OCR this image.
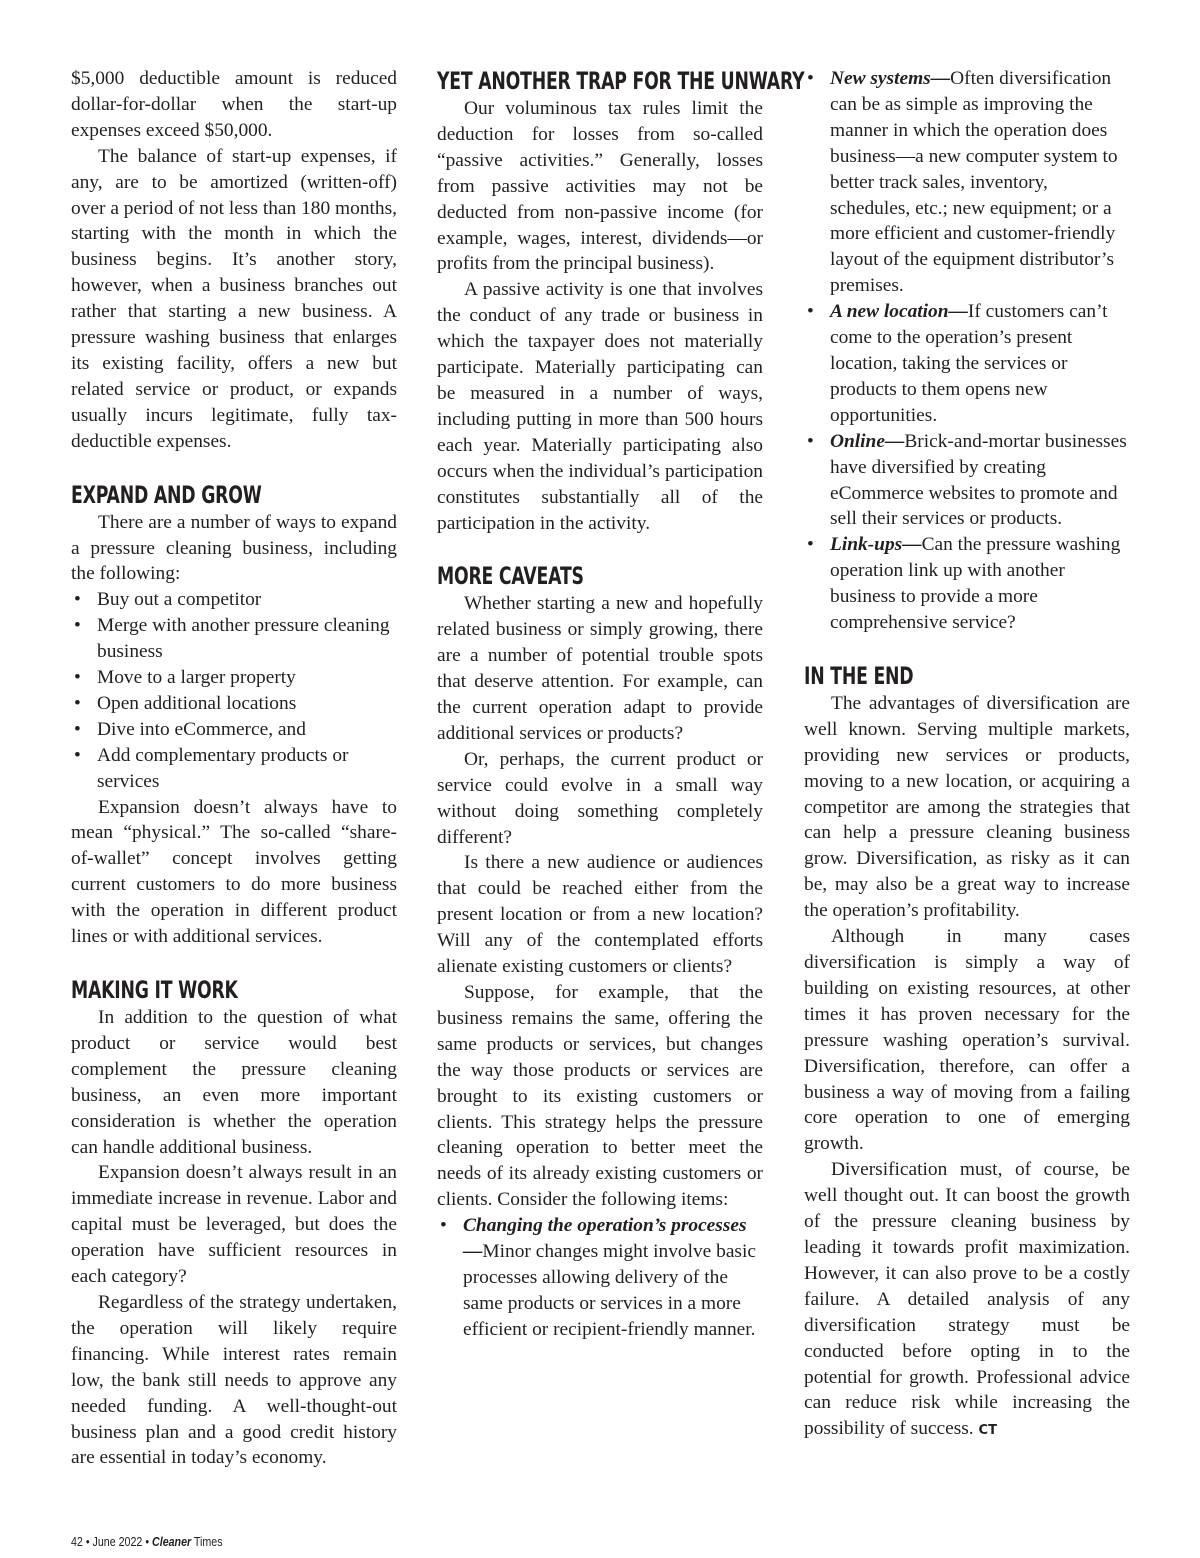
$5,000 deductible amount is reduced dollar-for-dollar when the start-up expenses exceed $50,000.

The balance of start-up expenses, if any, are to be amortized (written-off) over a period of not less than 180 months, starting with the month in which the business begins. It’s another story, however, when a business branches out rather that starting a new business. A pressure washing business that enlarges its existing facility, offers a new but related service or product, or expands usually incurs legitimate, fully tax-deductible expenses.

EXPAND AND GROW

There are a number of ways to expand a pressure cleaning business, including the following:

• Buy out a competitor
• Merge with another pressure cleaning business
• Move to a larger property
• Open additional locations
• Dive into eCommerce, and
• Add complementary products or services

Expansion doesn’t always have to mean “physical.” The so-called “share-of-wallet” concept involves getting current customers to do more business with the operation in different product lines or with additional services.

MAKING IT WORK

In addition to the question of what product or service would best complement the pressure cleaning business, an even more important consideration is whether the operation can handle additional business.

Expansion doesn’t always result in an immediate increase in revenue. Labor and capital must be leveraged, but does the operation have sufficient resources in each category?

Regardless of the strategy undertaken, the operation will likely require financing. While interest rates remain low, the bank still needs to approve any needed funding. A well-thought-out business plan and a good credit history are essential in today’s economy.

YET ANOTHER TRAP FOR THE UNWARY

Our voluminous tax rules limit the deduction for losses from so-called “passive activities.” Generally, losses from passive activities may not be deducted from non-passive income (for example, wages, interest, dividends—or profits from the principal business).

A passive activity is one that involves the conduct of any trade or business in which the taxpayer does not materially participate. Materially participating can be measured in a number of ways, including putting in more than 500 hours each year. Materially participating also occurs when the individual’s participation constitutes substantially all of the participation in the activity.

MORE CAVEATS

Whether starting a new and hopefully related business or simply growing, there are a number of potential trouble spots that deserve attention. For example, can the current operation adapt to provide additional services or products?

Or, perhaps, the current product or service could evolve in a small way without doing something completely different?

Is there a new audience or audiences that could be reached either from the present location or from a new location? Will any of the contemplated efforts alienate existing customers or clients?

Suppose, for example, that the business remains the same, offering the same products or services, but changes the way those products or services are brought to its existing customers or clients. This strategy helps the pressure cleaning operation to better meet the needs of its already existing customers or clients. Consider the following items:

• Changing the operation’s processes—Minor changes might involve basic processes allowing delivery of the same products or services in a more efficient or recipient-friendly manner.
• New systems—Often diversification can be as simple as improving the manner in which the operation does business—a new computer system to better track sales, inventory, schedules, etc.; new equipment; or a more efficient and customer-friendly layout of the equipment distributor’s premises.
• A new location—If customers can’t come to the operation’s present location, taking the services or products to them opens new opportunities.
• Online—Brick-and-mortar businesses have diversified by creating eCommerce websites to promote and sell their services or products.
• Link-ups—Can the pressure washing operation link up with another business to provide a more comprehensive service?
IN THE END

The advantages of diversification are well known. Serving multiple markets, providing new services or products, moving to a new location, or acquiring a competitor are among the strategies that can help a pressure cleaning business grow. Diversification, as risky as it can be, may also be a great way to increase the operation’s profitability.

Although in many cases diversification is simply a way of building on existing resources, at other times it has proven necessary for the pressure washing operation’s survival. Diversification, therefore, can offer a business a way of moving from a failing core operation to one of emerging growth.

Diversification must, of course, be well thought out. It can boost the growth of the pressure cleaning business by leading it towards profit maximization. However, it can also prove to be a costly failure. A detailed analysis of any diversification strategy must be conducted before opting in to the potential for growth. Professional advice can reduce risk while increasing the possibility of success. CT

42 • June 2022 • Cleaner Times
